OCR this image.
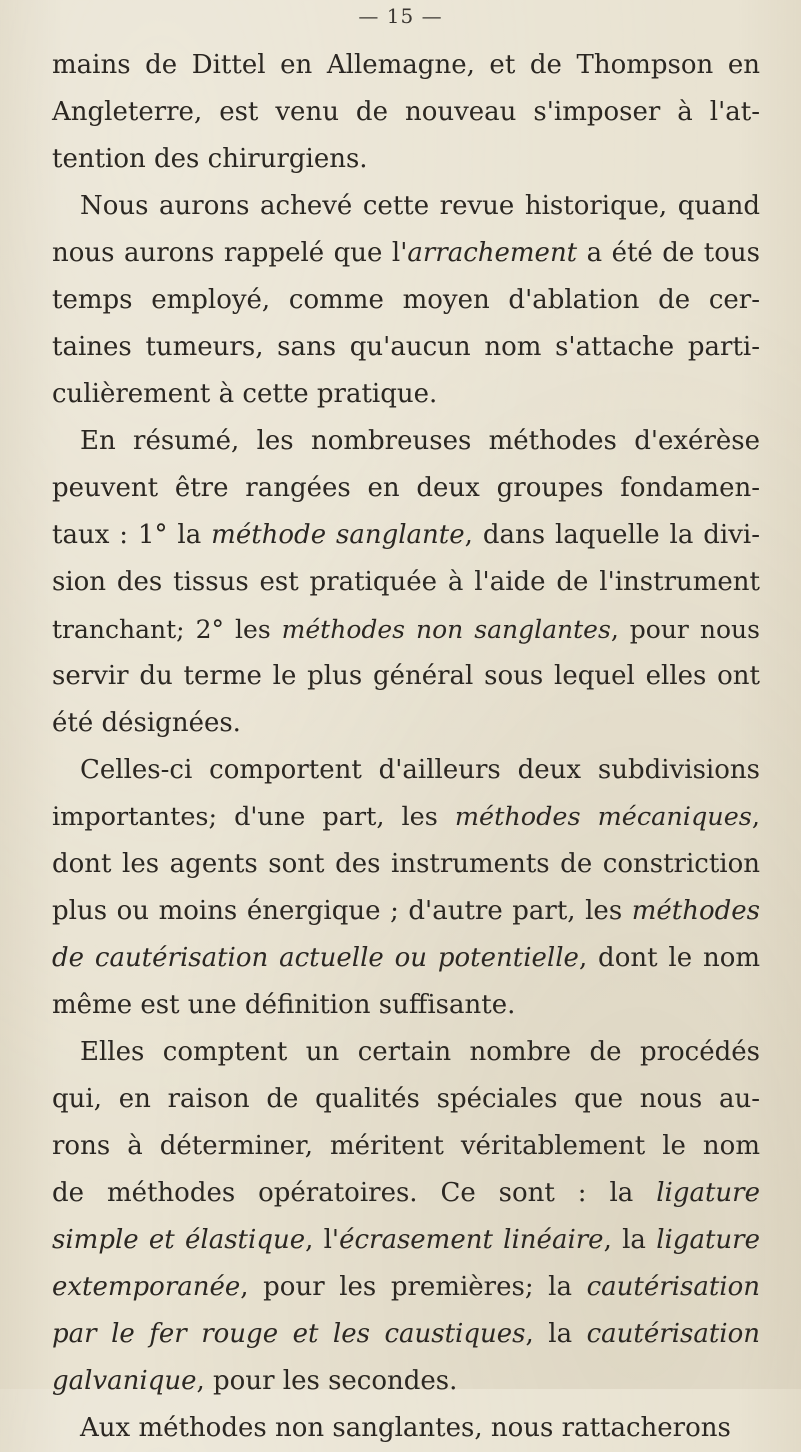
— 15 —
mains de Dittel en Allemagne, et de Thompson en
Angleterre, est venu de nouveau s'imposer à l'at-
tention des chirurgiens.
Nous aurons achevé cette revue historique, quand
nous aurons rappelé que l'arrachement a été de tous
temps employé, comme moyen d'ablation de cer-
taines tumeurs, sans qu'aucun nom s'attache parti-
culièrement à cette pratique.
En résumé, les nombreuses méthodes d'exérèse
peuvent être rangées en deux groupes fondamen-
taux : 1° la méthode sanglante, dans laquelle la divi-
sion des tissus est pratiquée à l'aide de l'instrument
tranchant; 2° les méthodes non sanglantes, pour nous
servir du terme le plus général sous lequel elles ont
été désignées.
Celles-ci comportent d'ailleurs deux subdivisions
importantes; d'une part, les méthodes mécaniques,
dont les agents sont des instruments de constriction
plus ou moins énergique ; d'autre part, les méthodes
de cautérisation actuelle ou potentielle, dont le nom
même est une définition suffisante.
Elles comptent un certain nombre de procédés
qui, en raison de qualités spéciales que nous au-
rons à déterminer, méritent véritablement le nom
de méthodes opératoires. Ce sont : la ligature
simple et élastique, l'écrasement linéaire, la ligature
extemporanée, pour les premières; la cautérisation
par le fer rouge et les caustiques, la cautérisation
galvanique, pour les secondes.
Aux méthodes non sanglantes, nous rattacherons
